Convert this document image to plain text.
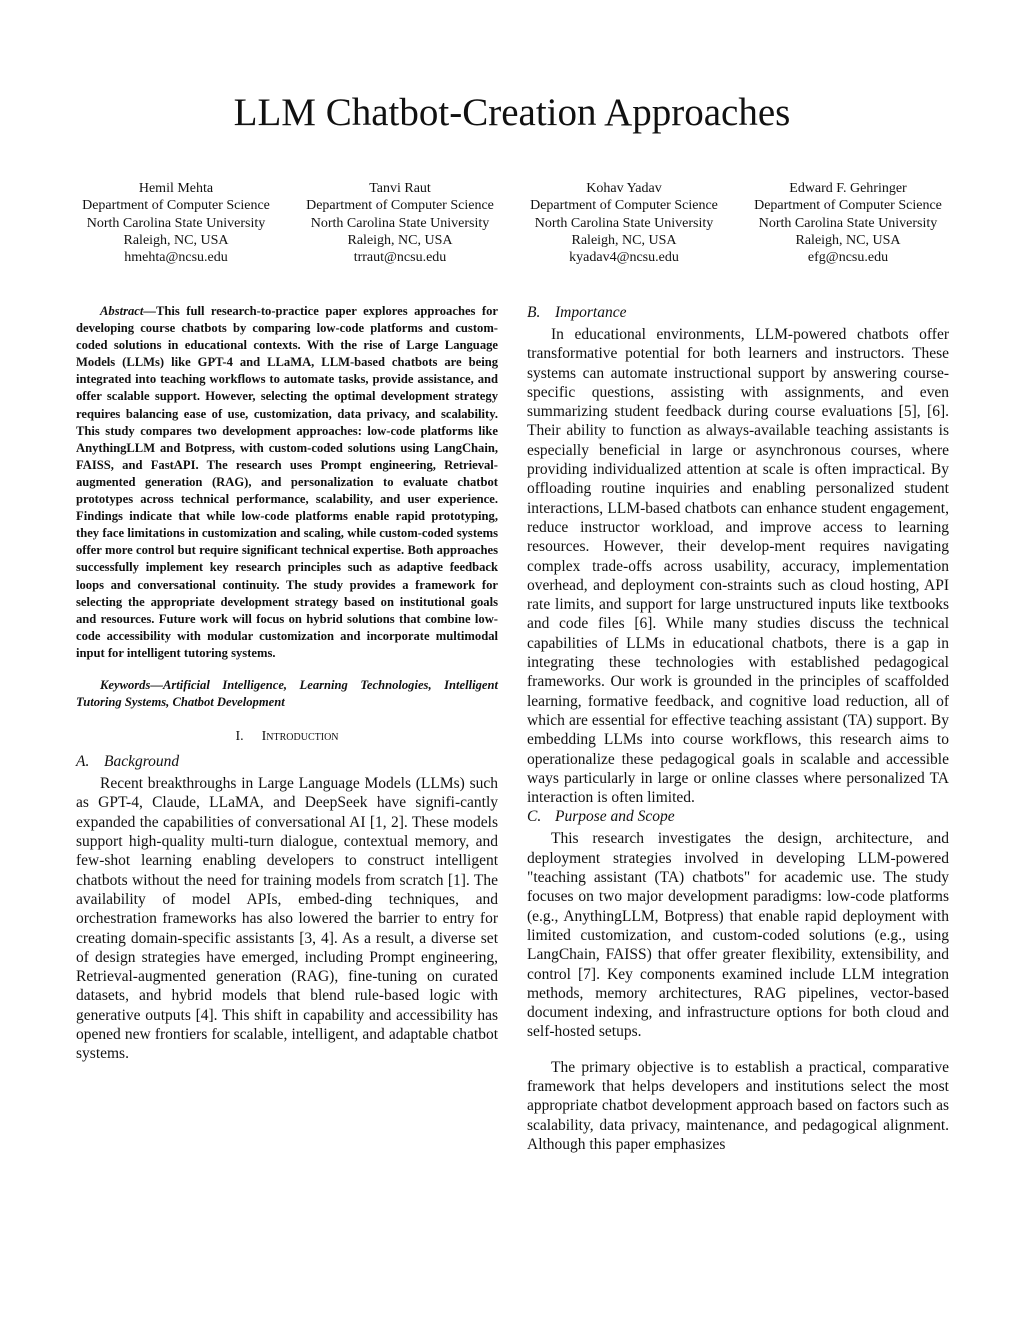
LLM Chatbot-Creation Approaches
Hemil Mehta
Department of Computer Science
North Carolina State University
Raleigh, NC, USA
hmehta@ncsu.edu
Tanvi Raut
Department of Computer Science
North Carolina State University
Raleigh, NC, USA
trraut@ncsu.edu
Kohav Yadav
Department of Computer Science
North Carolina State University
Raleigh, NC, USA
kyadav4@ncsu.edu
Edward F. Gehringer
Department of Computer Science
North Carolina State University
Raleigh, NC, USA
efg@ncsu.edu

Abstract—This full research-to-practice paper explores approaches for developing course chatbots by comparing low-code platforms and custom-coded solutions in educational contexts. With the rise of Large Language Models (LLMs) like GPT-4 and LLaMA, LLM-based chatbots are being integrated into teaching workflows to automate tasks, provide assistance, and offer scalable support. However, selecting the optimal development strategy requires balancing ease of use, customization, data privacy, and scalability. This study compares two development approaches: low-code platforms like AnythingLLM and Botpress, with custom-coded solutions using LangChain, FAISS, and FastAPI. The research uses Prompt engineering, Retrieval-augmented generation (RAG), and personalization to evaluate chatbot prototypes across technical performance, scalability, and user experience. Findings indicate that while low-code platforms enable rapid prototyping, they face limitations in customization and scaling, while custom-coded systems offer more control but require significant technical expertise. Both approaches successfully implement key research principles such as adaptive feedback loops and conversational continuity. The study provides a framework for selecting the appropriate development strategy based on institutional goals and resources. Future work will focus on hybrid solutions that combine low-code accessibility with modular customization and incorporate multimodal input for intelligent tutoring systems.

Keywords—Artificial Intelligence, Learning Technologies, Intelligent Tutoring Systems, Chatbot Development

I. Introduction
A. Background

Recent breakthroughs in Large Language Models (LLMs) such as GPT-4, Claude, LLaMA, and DeepSeek have signifi-cantly expanded the capabilities of conversational AI [1, 2]. These models support high-quality multi-turn dialogue, contextual memory, and few-shot learning enabling developers to construct intelligent chatbots without the need for training models from scratch [1]. The availability of model APIs, embed-ding techniques, and orchestration frameworks has also lowered the barrier to entry for creating domain-specific assistants [3, 4]. As a result, a diverse set of design strategies have emerged, including Prompt engineering, Retrieval-augmented generation (RAG), fine-tuning on curated datasets, and hybrid models that blend rule-based logic with generative outputs [4]. This shift in capability and accessibility has opened new frontiers for scalable, intelligent, and adaptable chatbot systems.

B. Importance

In educational environments, LLM-powered chatbots offer transformative potential for both learners and instructors. These systems can automate instructional support by answering course-specific questions, assisting with assignments, and even summarizing student feedback during course evaluations [5], [6]. Their ability to function as always-available teaching assistants is especially beneficial in large or asynchronous courses, where providing individualized attention at scale is often impractical. By offloading routine inquiries and enabling personalized student interactions, LLM-based chatbots can enhance student engagement, reduce instructor workload, and improve access to learning resources. However, their develop-ment requires navigating complex trade-offs across usability, accuracy, implementation overhead, and deployment con-straints such as cloud hosting, API rate limits, and support for large unstructured inputs like textbooks and code files [6]. While many studies discuss the technical capabilities of LLMs in educational chatbots, there is a gap in integrating these technologies with established pedagogical frameworks. Our work is grounded in the principles of scaffolded learning, formative feedback, and cognitive load reduction, all of which are essential for effective teaching assistant (TA) support. By embedding LLMs into course workflows, this research aims to operationalize these pedagogical goals in scalable and accessible ways particularly in large or online classes where personalized TA interaction is often limited.

C. Purpose and Scope

This research investigates the design, architecture, and deployment strategies involved in developing LLM-powered "teaching assistant (TA) chatbots" for academic use. The study focuses on two major development paradigms: low-code platforms (e.g., AnythingLLM, Botpress) that enable rapid deployment with limited customization, and custom-coded solutions (e.g., using LangChain, FAISS) that offer greater flexibility, extensibility, and control [7]. Key components examined include LLM integration methods, memory architectures, RAG pipelines, vector-based document indexing, and infrastructure options for both cloud and self-hosted setups.

The primary objective is to establish a practical, comparative framework that helps developers and institutions select the most appropriate chatbot development approach based on factors such as scalability, data privacy, maintenance, and pedagogical alignment. Although this paper emphasizes
